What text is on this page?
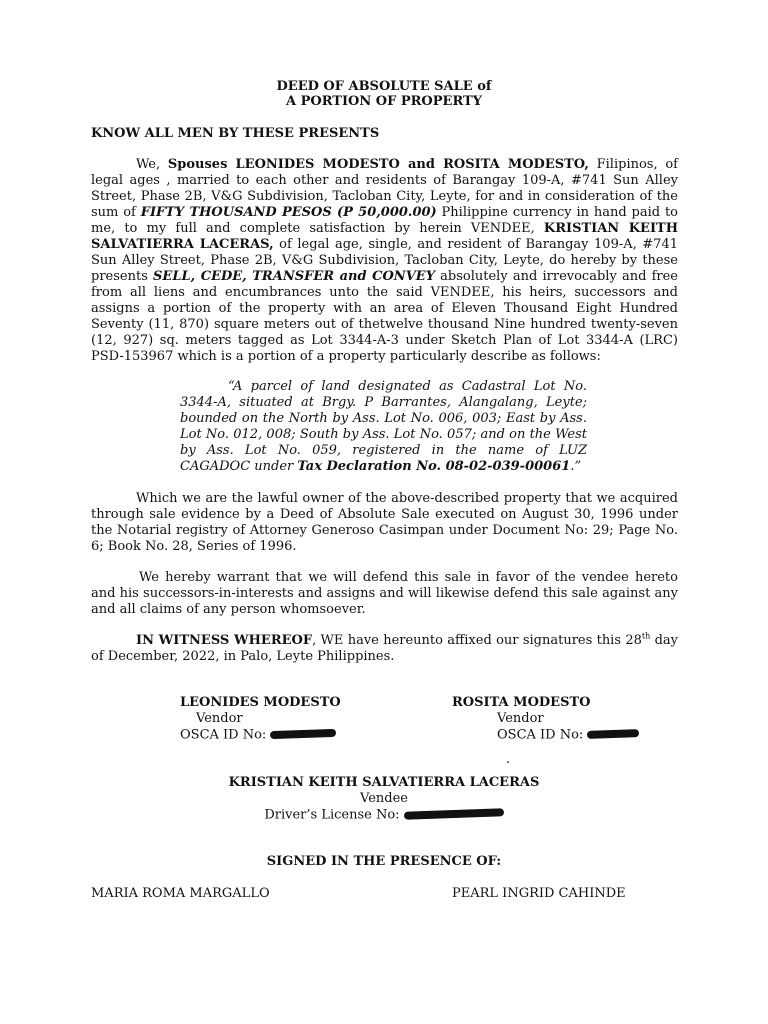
DEED OF ABSOLUTE SALE of
A PORTION OF PROPERTY
KNOW ALL MEN BY THESE PRESENTS
We, Spouses LEONIDES MODESTO and ROSITA MODESTO, Filipinos, of legal ages , married to each other and residents of Barangay 109-A, #741 Sun Alley Street, Phase 2B, V&G Subdivision, Tacloban City, Leyte, for and in consideration of the sum of FIFTY THOUSAND PESOS (P 50,000.00) Philippine currency in hand paid to me, to my full and complete satisfaction by herein VENDEE, KRISTIAN KEITH SALVATIERRA LACERAS, of legal age, single, and resident of Barangay 109-A, #741 Sun Alley Street, Phase 2B, V&G Subdivision, Tacloban City, Leyte, do hereby by these presents SELL, CEDE, TRANSFER and CONVEY absolutely and irrevocably and free from all liens and encumbrances unto the said VENDEE, his heirs, successors and assigns a portion of the property with an area of Eleven Thousand Eight Hundred Seventy (11, 870) square meters out of thetwelve thousand Nine hundred twenty-seven (12, 927) sq. meters tagged as Lot 3344-A-3 under Sketch Plan of Lot 3344-A (LRC) PSD-153967 which is a portion of a property particularly describe as follows:
“A parcel of land designated as Cadastral Lot No. 3344-A, situated at Brgy. P Barrantes, Alangalang, Leyte; bounded on the North by Ass. Lot No. 006, 003; East by Ass. Lot No. 012, 008; South by Ass. Lot No. 057; and on the West by Ass. Lot No. 059, registered in the name of LUZ CAGADOC under Tax Declaration No. 08-02-039-00061.”
Which we are the lawful owner of the above-described property that we acquired through sale evidence by a Deed of Absolute Sale executed on August 30, 1996 under the Notarial registry of Attorney Generoso Casimpan under Document No: 29; Page No. 6; Book No. 28, Series of 1996.
We hereby warrant that we will defend this sale in favor of the vendee hereto and his successors-in-interests and assigns and will likewise defend this sale against any and all claims of any person whomsoever.
IN WITNESS WHEREOF, WE have hereunto affixed our signatures this 28th day of December, 2022, in Palo, Leyte Philippines.
LEONIDES MODESTO
Vendor
OSCA ID No:
ROSITA MODESTO
Vendor
OSCA ID No:
.
KRISTIAN KEITH SALVATIERRA LACERAS
Vendee
Driver’s License No:
SIGNED IN THE PRESENCE OF:
MARIA ROMA MARGALLO	PEARL INGRID CAHINDE
